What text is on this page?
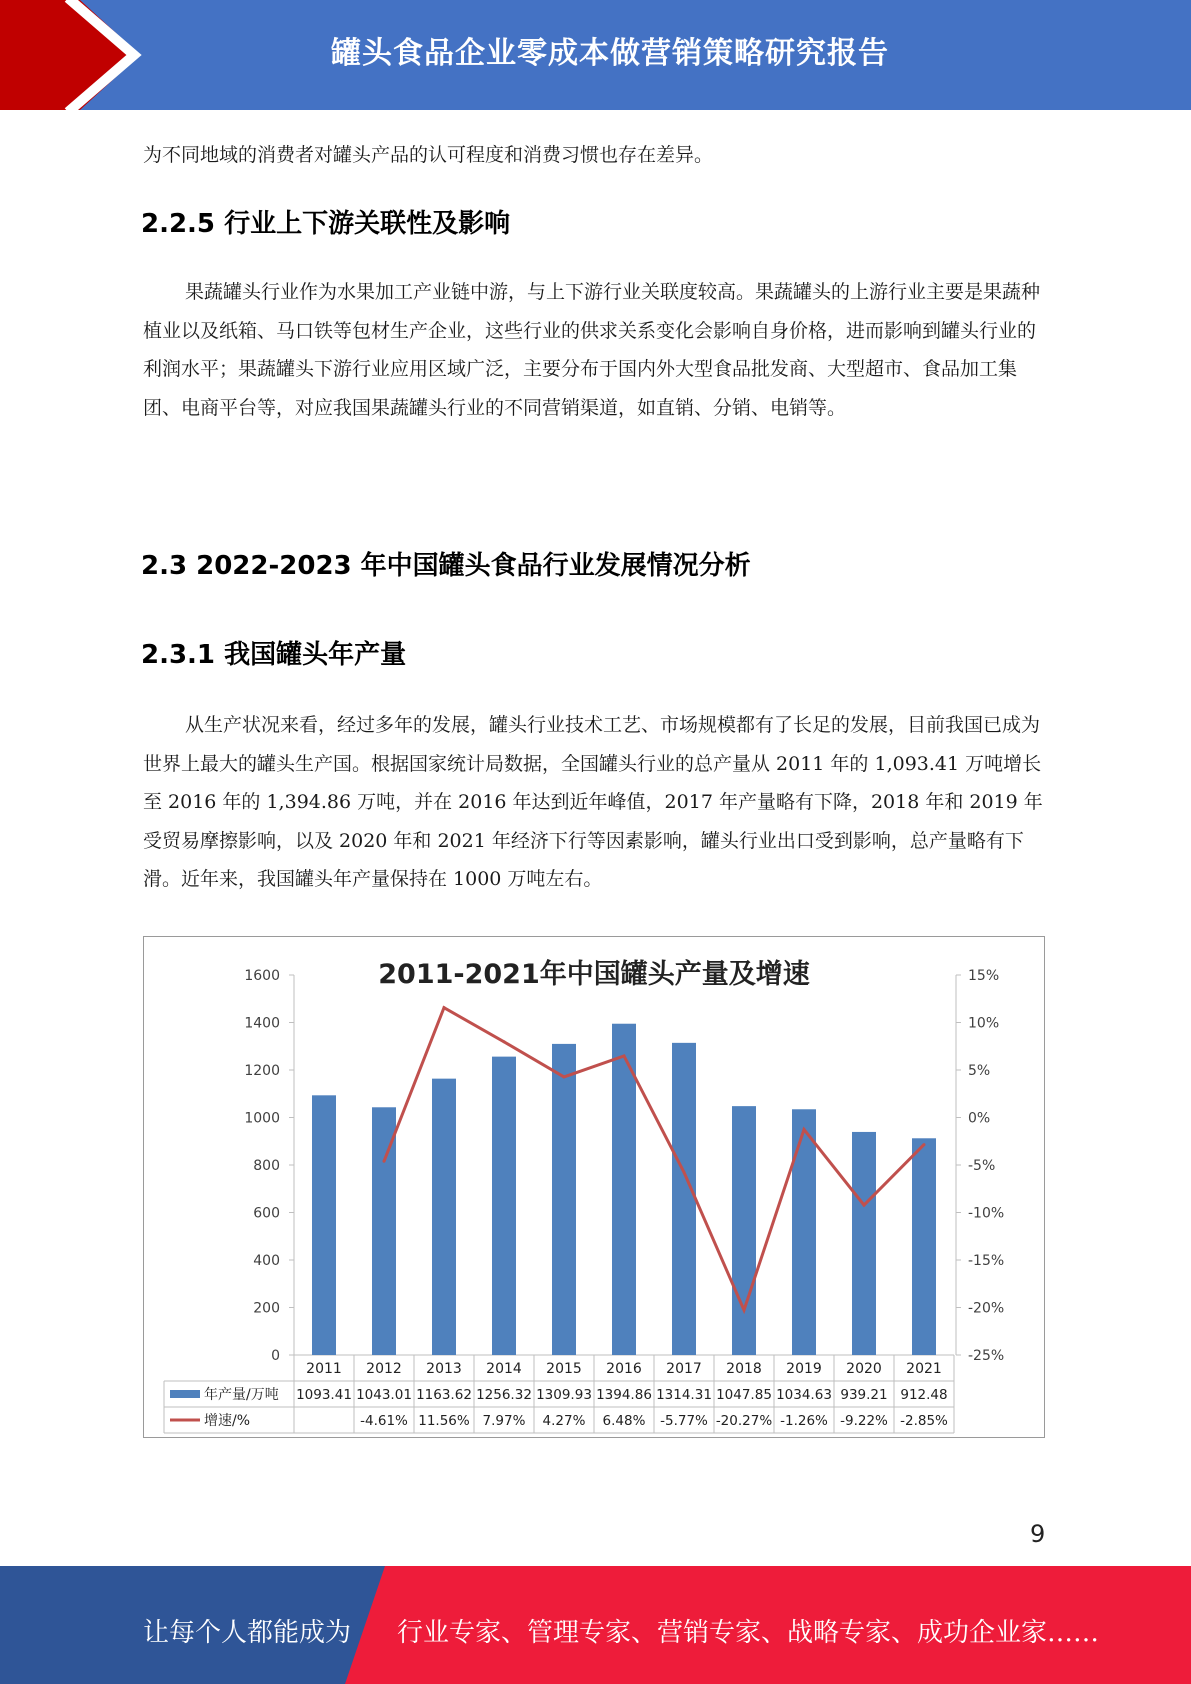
罐头食品企业零成本做营销策略研究报告

为不同地域的消费者对罐头产品的认可程度和消费习惯也存在差异。

2.2.5 行业上下游关联性及影响

果蔬罐头行业作为水果加工产业链中游，与上下游行业关联度较高。果蔬罐头的上游行业主要是果蔬种植业以及纸箱、马口铁等包材生产企业，这些行业的供求关系变化会影响自身价格，进而影响到罐头行业的利润水平；果蔬罐头下游行业应用区域广泛，主要分布于国内外大型食品批发商、大型超市、食品加工集团、电商平台等，对应我国果蔬罐头行业的不同营销渠道，如直销、分销、电销等。

2.3 2022-2023 年中国罐头食品行业发展情况分析
2.3.1 我国罐头年产量

从生产状况来看，经过多年的发展，罐头行业技术工艺、市场规模都有了长足的发展，目前我国已成为世界上最大的罐头生产国。根据国家统计局数据，全国罐头行业的总产量从 2011 年的 1,093.41 万吨增长至 2016 年的 1,394.86 万吨，并在 2016 年达到近年峰值，2017 年产量略有下降，2018 年和 2019 年受贸易摩擦影响，以及 2020 年和 2021 年经济下行等因素影响，罐头行业出口受到影响，总产量略有下滑。近年来，我国罐头年产量保持在 1000 万吨左右。

2011-2021年中国罐头产量及增速
0
200
400
600
800
1000
1200
1400
1600
-25%
-20%
-15%
-10%
-5%
0%
5%
10%
15%
2011 2012 2013 2014 2015 2016 2017 2018 2019 2020 2021
年产量/万吨
增速/%
1093.41 1043.01 1163.62 1256.32 1309.93 1394.86 1314.31 1047.85 1034.63 939.21 912.48
-4.61% 11.56% 7.97% 4.27% 6.48% -5.77% -20.27% -1.26% -9.22% -2.85%
9
让每个人都能成为 行业专家、管理专家、营销专家、战略专家、成功企业家……
